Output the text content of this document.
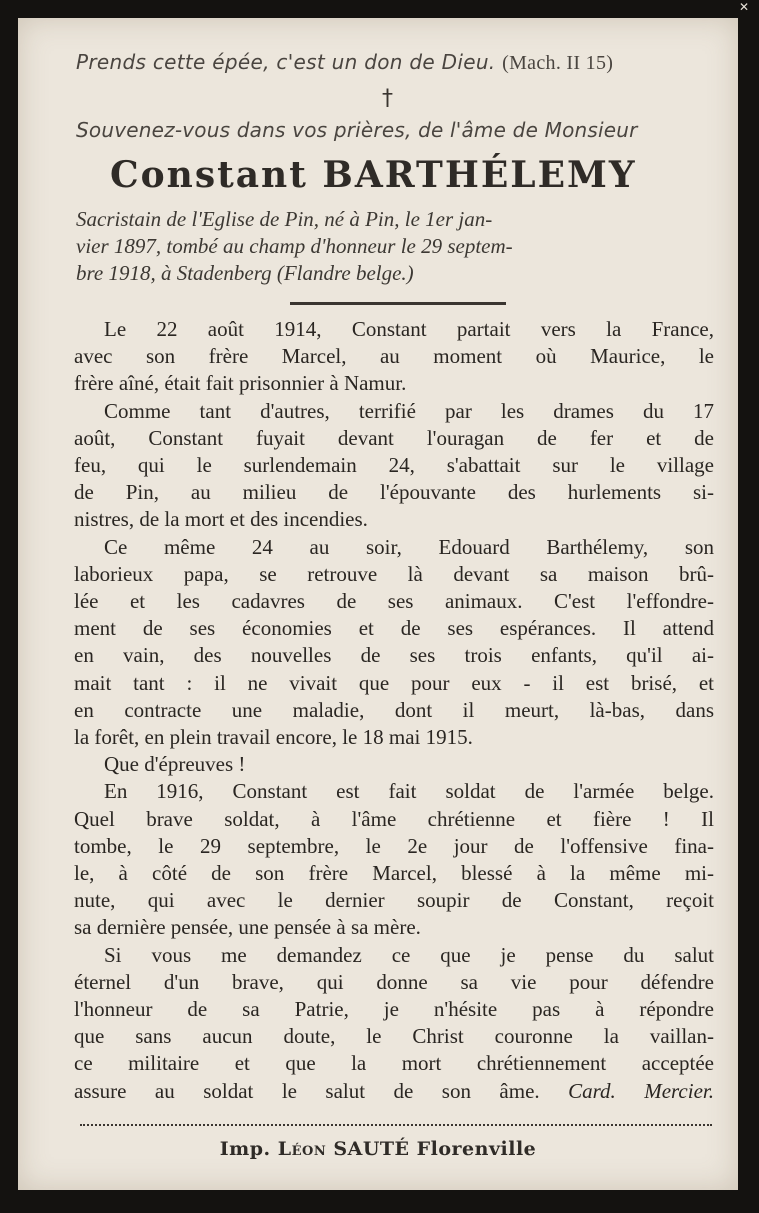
✕
Prends cette épée, c'est un don de Dieu. (Mach. II 15)
†
Souvenez-vous dans vos prières, de l'âme de Monsieur
Constant BARTHÉLEMY
Sacristain de l'Eglise de Pin, né à Pin, le 1er jan-
vier 1897, tombé au champ d'honneur le 29 septem-
bre 1918, à Stadenberg (Flandre belge.)
Le 22 août 1914, Constant partait vers la France,
avec son frère Marcel, au moment où Maurice, le
frère aîné, était fait prisonnier à Namur.
Comme tant d'autres, terrifié par les drames du 17
août, Constant fuyait devant l'ouragan de fer et de
feu, qui le surlendemain 24, s'abattait sur le village
de Pin, au milieu de l'épouvante des hurlements si-
nistres, de la mort et des incendies.
Ce même 24 au soir, Edouard Barthélemy, son
laborieux papa, se retrouve là devant sa maison brû-
lée et les cadavres de ses animaux. C'est l'effondre-
ment de ses économies et de ses espérances. Il attend
en vain, des nouvelles de ses trois enfants, qu'il ai-
mait tant : il ne vivait que pour eux - il est brisé, et
en contracte une maladie, dont il meurt, là-bas, dans
la forêt, en plein travail encore, le 18 mai 1915.
Que d'épreuves !
En 1916, Constant est fait soldat de l'armée belge.
Quel brave soldat, à l'âme chrétienne et fière ! Il
tombe, le 29 septembre, le 2e jour de l'offensive fina-
le, à côté de son frère Marcel, blessé à la même mi-
nute, qui avec le dernier soupir de Constant, reçoit
sa dernière pensée, une pensée à sa mère.
Si vous me demandez ce que je pense du salut
éternel d'un brave, qui donne sa vie pour défendre
l'honneur de sa Patrie, je n'hésite pas à répondre
que sans aucun doute, le Christ couronne la vaillan-
ce militaire et que la mort chrétiennement acceptée
assure au soldat le salut de son âme. Card. Mercier.
Imp. Léon SAUTÉ Florenville
